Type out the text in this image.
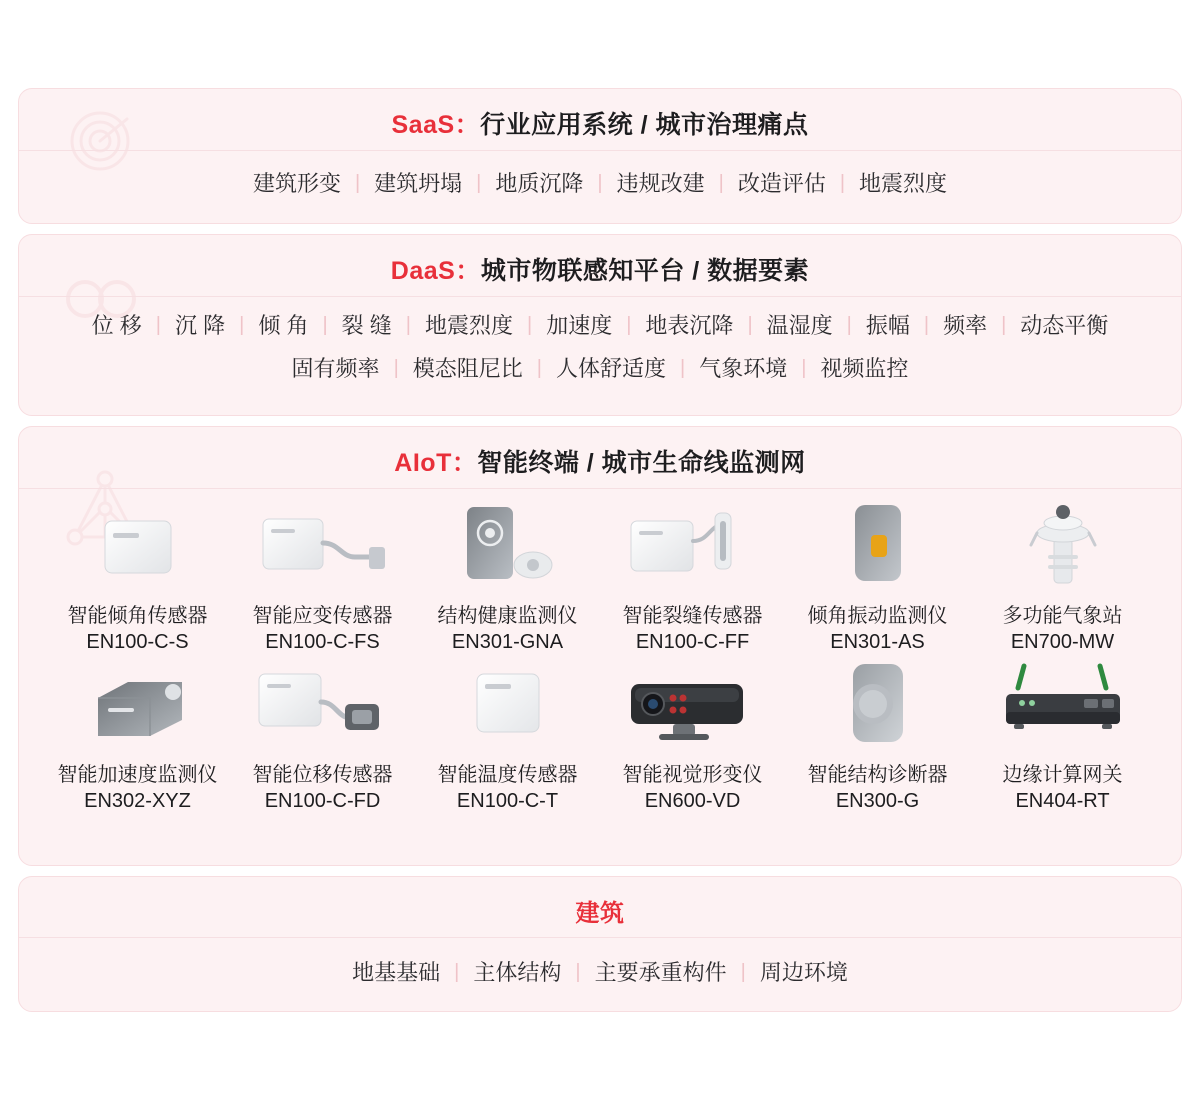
SaaS：行业应用系统 / 城市治理痛点
建筑形变 | 建筑坍塌 | 地质沉降 | 违规改建 | 改造评估 | 地震烈度
DaaS：城市物联感知平台 / 数据要素
位 移 | 沉 降 | 倾 角 | 裂 缝 | 地震烈度 | 加速度 | 地表沉降 | 温湿度 | 振幅 | 频率 | 动态平衡
固有频率 | 模态阻尼比 | 人体舒适度 | 气象环境 | 视频监控
AIoT：智能终端 / 城市生命线监测网
智能倾角传感器
EN100-C-S
智能应变传感器
EN100-C-FS
结构健康监测仪
EN301-GNA
智能裂缝传感器
EN100-C-FF
倾角振动监测仪
EN301-AS
多功能气象站
EN700-MW
智能加速度监测仪
EN302-XYZ
智能位移传感器
EN100-C-FD
智能温度传感器
EN100-C-T
智能视觉形变仪
EN600-VD
智能结构诊断器
EN300-G
边缘计算网关
EN404-RT
建筑
地基基础 | 主体结构 | 主要承重构件 | 周边环境
